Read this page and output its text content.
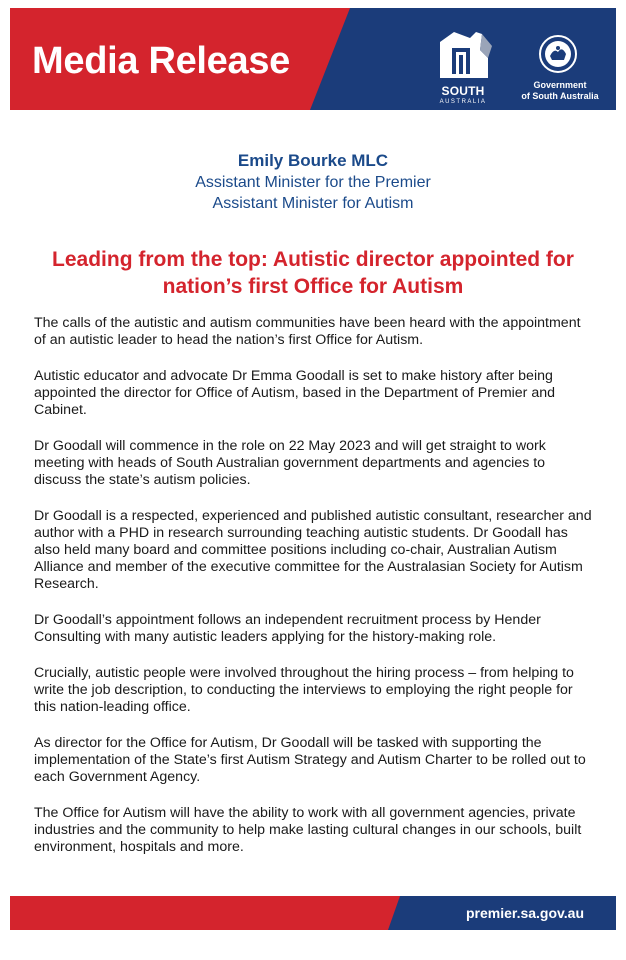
Media Release
SOUTH
AUSTRALIA
Government
of South Australia
Emily Bourke MLC
Assistant Minister for the Premier
Assistant Minister for Autism
Leading from the top: Autistic director appointed for nation’s first Office for Autism

The calls of the autistic and autism communities have been heard with the appointment of an autistic leader to head the nation’s first Office for Autism.

Autistic educator and advocate Dr Emma Goodall is set to make history after being appointed the director for Office of Autism, based in the Department of Premier and Cabinet.

Dr Goodall will commence in the role on 22 May 2023 and will get straight to work meeting with heads of South Australian government departments and agencies to discuss the state’s autism policies.

Dr Goodall is a respected, experienced and published autistic consultant, researcher and author with a PHD in research surrounding teaching autistic students. Dr Goodall has also held many board and committee positions including co-chair, Australian Autism Alliance and member of the executive committee for the Australasian Society for Autism Research.

Dr Goodall’s appointment follows an independent recruitment process by Hender Consulting with many autistic leaders applying for the history-making role.

Crucially, autistic people were involved throughout the hiring process – from helping to write the job description, to conducting the interviews to employing the right people for this nation-leading office.

As director for the Office for Autism, Dr Goodall will be tasked with supporting the implementation of the State’s first Autism Strategy and Autism Charter to be rolled out to each Government Agency.

The Office for Autism will have the ability to work with all government agencies, private industries and the community to help make lasting cultural changes in our schools, built environment, hospitals and more.

premier.sa.gov.au
